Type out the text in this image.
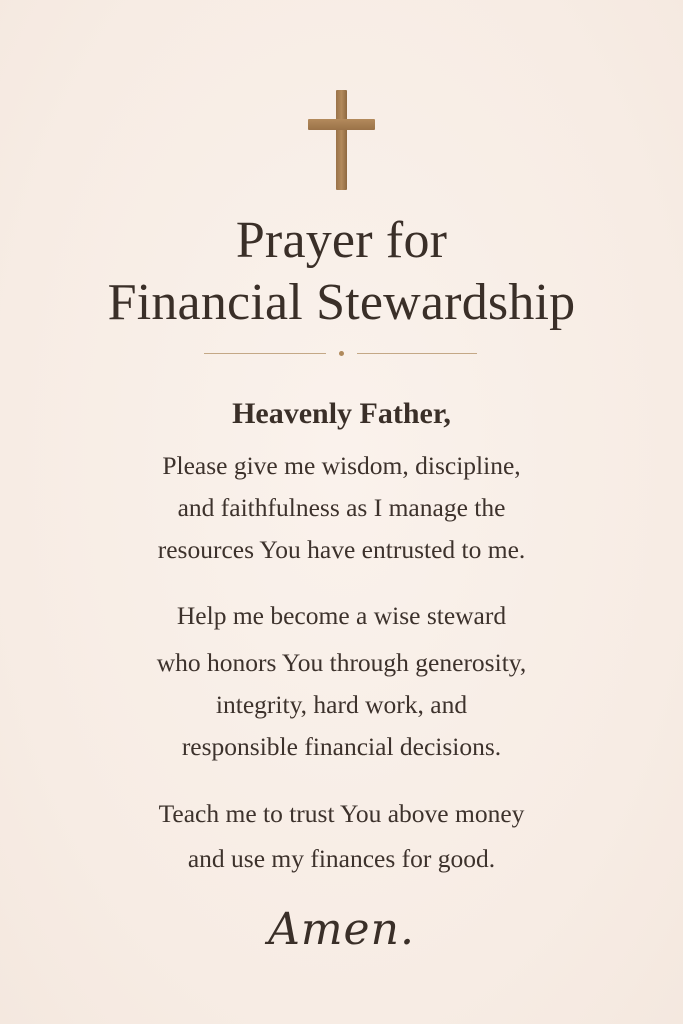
Prayer for
Financial Stewardship
Heavenly Father,
Please give me wisdom, discipline,
and faithfulness as I manage the
resources You have entrusted to me.
Help me become a wise steward
who honors You through generosity,
integrity, hard work, and
responsible financial decisions.
Teach me to trust You above money
and use my finances for good.
Amen.
